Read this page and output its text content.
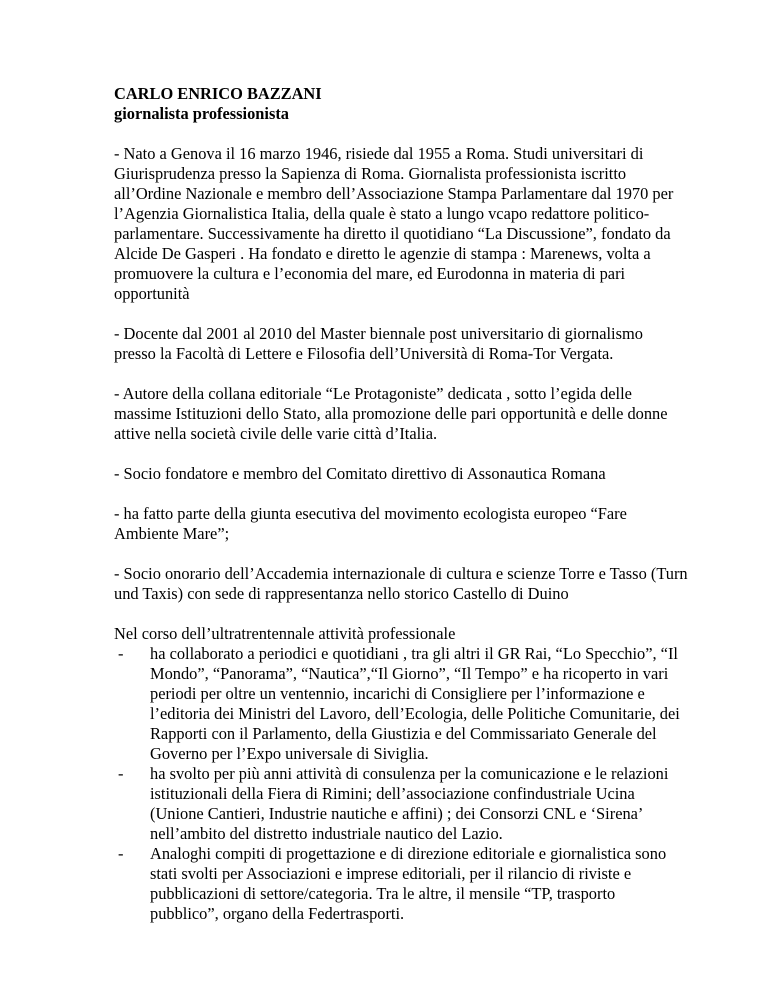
CARLO ENRICO BAZZANI

giornalista professionista

- Nato a Genova il 16 marzo 1946, risiede dal 1955 a Roma. Studi universitari di Giurisprudenza presso la Sapienza di Roma. Giornalista professionista iscritto all’Ordine Nazionale e membro dell’Associazione Stampa Parlamentare dal 1970 per l’Agenzia Giornalistica Italia, della quale è stato a lungo vcapo redattore politico-parlamentare. Successivamente ha diretto il quotidiano “La Discussione”, fondato da Alcide De Gasperi . Ha fondato e diretto le agenzie di stampa : Marenews, volta a promuovere la cultura e l’economia del mare, ed Eurodonna in materia di pari opportunità

- Docente dal 2001 al 2010 del Master biennale post universitario di giornalismo presso la Facoltà di Lettere e Filosofia dell’Università di Roma-Tor Vergata.

- Autore della collana editoriale “Le Protagoniste” dedicata , sotto l’egida delle massime Istituzioni dello Stato, alla promozione delle pari opportunità e delle donne attive nella società civile delle varie città d’Italia.

- Socio fondatore e membro del Comitato direttivo di Assonautica Romana

- ha fatto parte della giunta esecutiva del movimento ecologista europeo “Fare Ambiente Mare”;

- Socio onorario dell’Accademia internazionale di cultura e scienze Torre e Tasso (Turn und Taxis) con sede di rappresentanza nello storico Castello di Duino

Nel corso dell’ultratrentennale attività professionale

- ha collaborato a periodici e quotidiani , tra gli altri il GR Rai, “Lo Specchio”, “Il Mondo”, “Panorama”, “Nautica”,“Il Giorno”, “Il Tempo” e ha ricoperto in vari periodi per oltre un ventennio, incarichi di Consigliere per l’informazione e l’editoria dei Ministri del Lavoro, dell’Ecologia, delle Politiche Comunitarie, dei Rapporti con il Parlamento, della Giustizia e del Commissariato Generale del Governo per l’Expo universale di Siviglia.
- ha svolto per più anni attività di consulenza per la comunicazione e le relazioni istituzionali della Fiera di Rimini; dell’associazione confindustriale Ucina (Unione Cantieri, Industrie nautiche e affini) ; dei Consorzi CNL e ‘Sirena’ nell’ambito del distretto industriale nautico del Lazio.
- Analoghi compiti di progettazione e di direzione editoriale e giornalistica sono stati svolti per Associazioni e imprese editoriali, per il rilancio di riviste e pubblicazioni di settore/categoria. Tra le altre, il mensile “TP, trasporto pubblico”, organo della Federtrasporti.
